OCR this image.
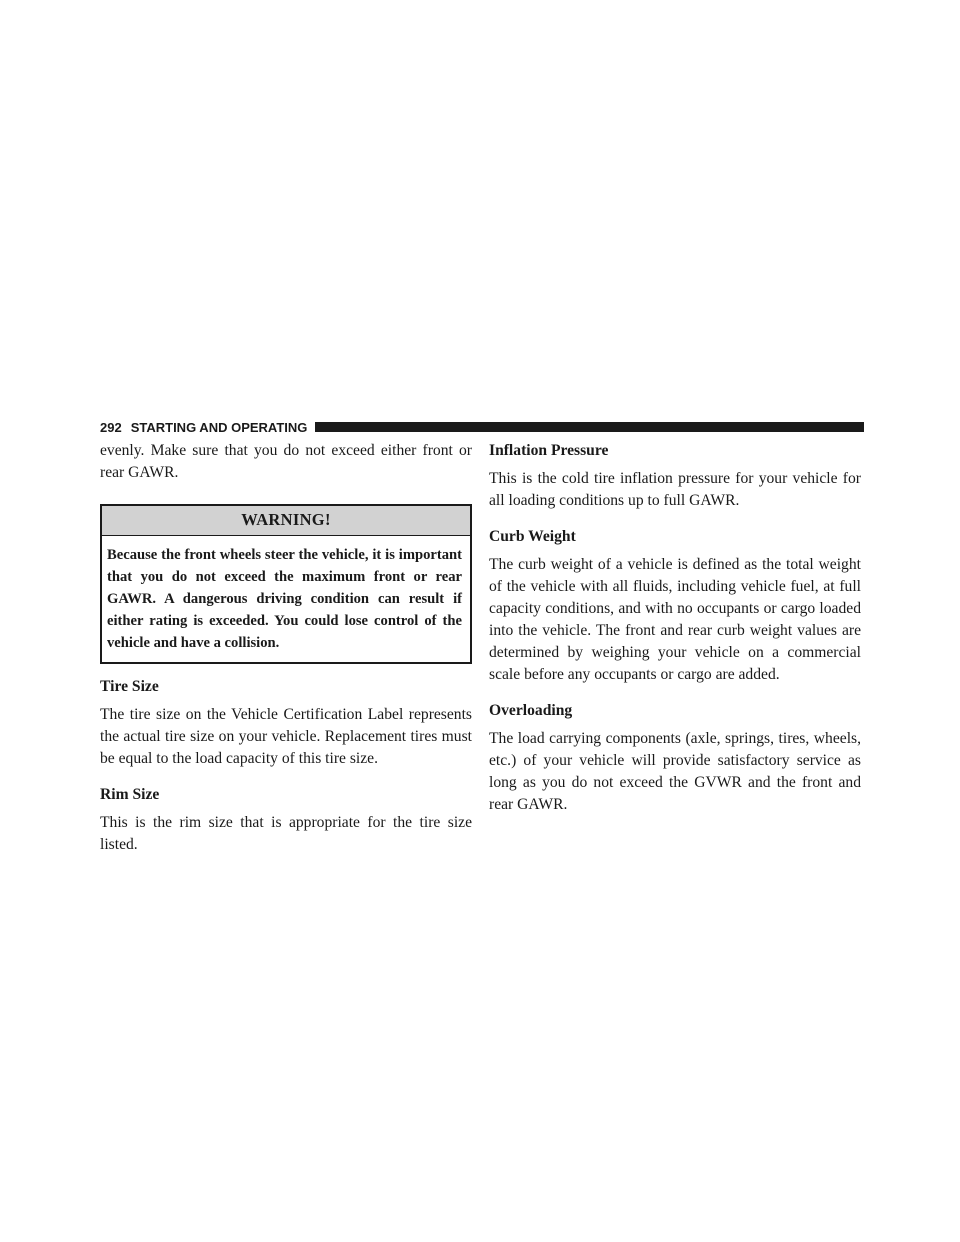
292 STARTING AND OPERATING

evenly. Make sure that you do not exceed either front or rear GAWR.

WARNING!
Because the front wheels steer the vehicle, it is important that you do not exceed the maximum front or rear GAWR. A dangerous driving condition can result if either rating is exceeded. You could lose control of the vehicle and have a collision.
Tire Size

The tire size on the Vehicle Certification Label represents the actual tire size on your vehicle. Replacement tires must be equal to the load capacity of this tire size.

Rim Size

This is the rim size that is appropriate for the tire size listed.

Inflation Pressure

This is the cold tire inflation pressure for your vehicle for all loading conditions up to full GAWR.

Curb Weight

The curb weight of a vehicle is defined as the total weight of the vehicle with all fluids, including vehicle fuel, at full capacity conditions, and with no occupants or cargo loaded into the vehicle. The front and rear curb weight values are determined by weighing your vehicle on a commercial scale before any occupants or cargo are added.

Overloading

The load carrying components (axle, springs, tires, wheels, etc.) of your vehicle will provide satisfactory service as long as you do not exceed the GVWR and the front and rear GAWR.
